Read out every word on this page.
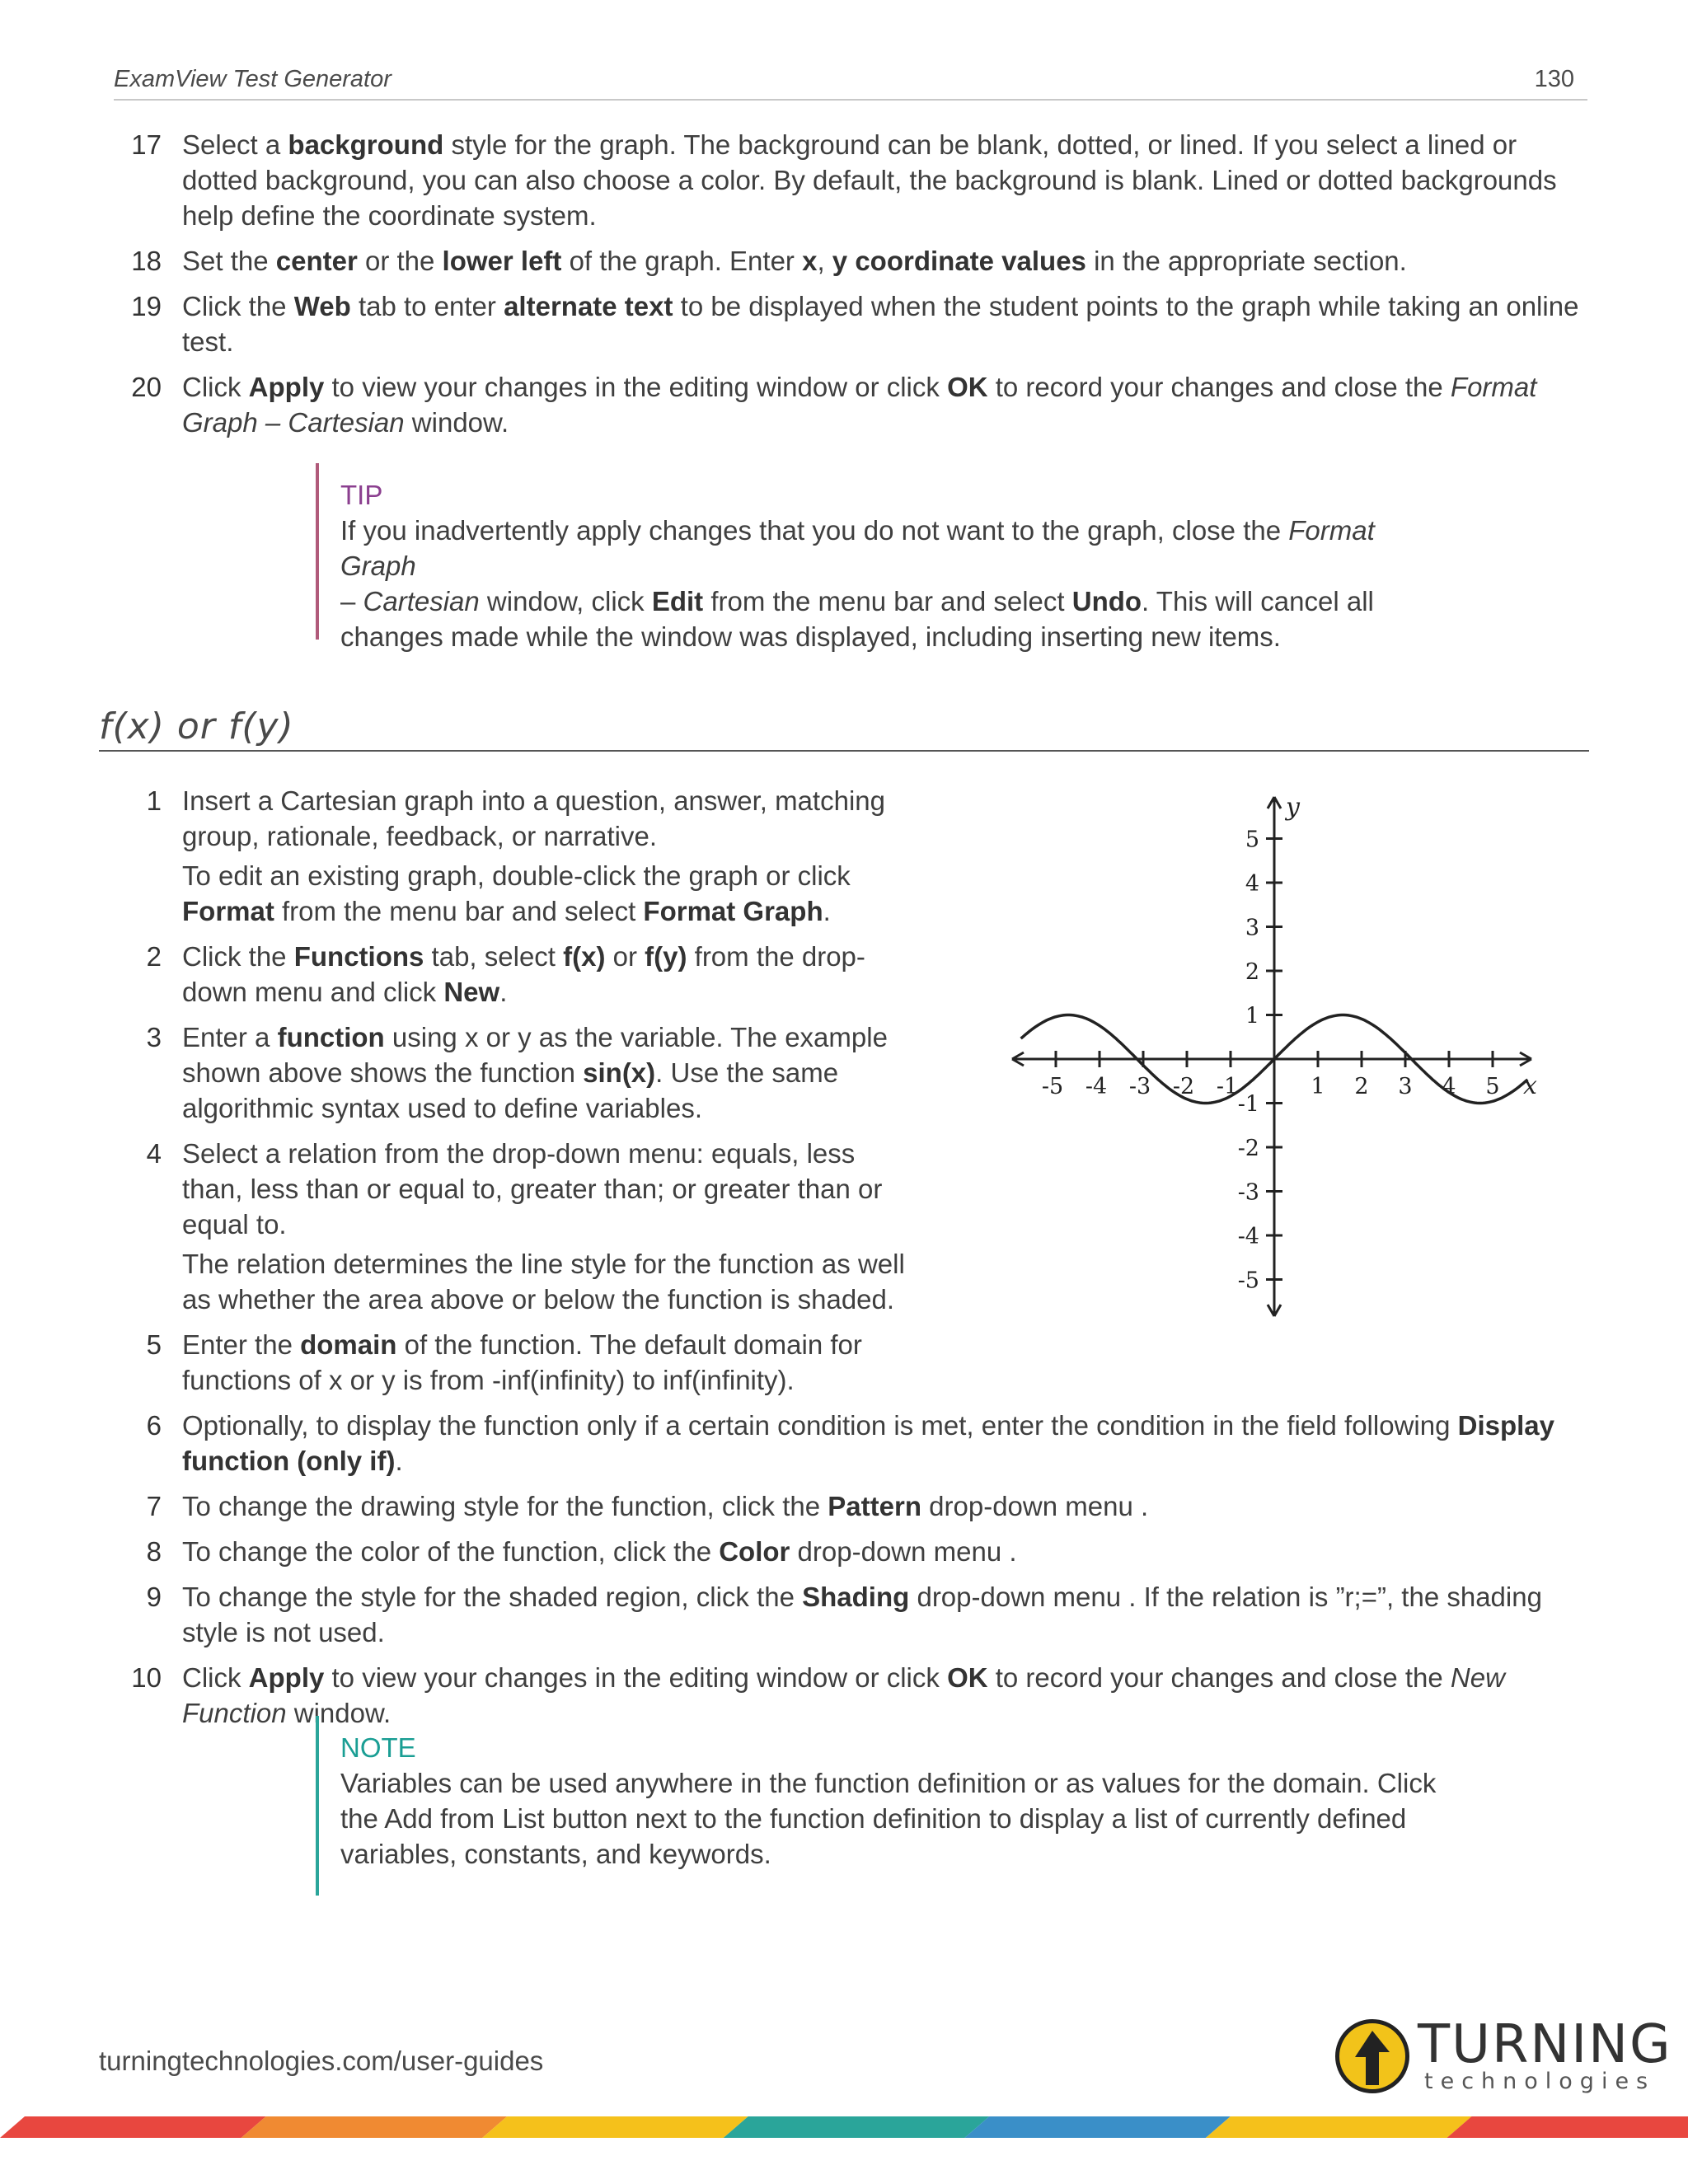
ExamView Test Generator	130
17 Select a background style for the graph. The background can be blank, dotted, or lined. If you select a lined or dotted background, you can also choose a color. By default, the background is blank. Lined or dotted backgrounds help define the coordinate system.
18 Set the center or the lower left of the graph. Enter x, y coordinate values in the appropriate section.
19 Click the Web tab to enter alternate text to be displayed when the student points to the graph while taking an online test.
20 Click Apply to view your changes in the editing window or click OK to record your changes and close the Format Graph – Cartesian window.
TIP
If you inadvertently apply changes that you do not want to the graph, close the Format Graph
– Cartesian window, click Edit from the menu bar and select Undo. This will cancel all
changes made while the window was displayed, including inserting new items.
f(x) or f(y)
1 Insert a Cartesian graph into a question, answer, matching group, rationale, feedback, or narrative.
To edit an existing graph, double-click the graph or click Format from the menu bar and select Format Graph.
2 Click the Functions tab, select f(x) or f(y) from the drop-down menu and click New.
3 Enter a function using x or y as the variable. The example shown above shows the function sin(x). Use the same algorithmic syntax used to define variables.
4 Select a relation from the drop-down menu: equals, less than, less than or equal to, greater than; or greater than or equal to.
The relation determines the line style for the function as well as whether the area above or below the function is shaded.
5 Enter the domain of the function. The default domain for functions of x or y is from -inf(infinity) to inf(infinity).
6 Optionally, to display the function only if a certain condition is met, enter the condition in the field following Display function (only if).
7 To change the drawing style for the function, click the Pattern drop-down menu .
8 To change the color of the function, click the Color drop-down menu .
9 To change the style for the shaded region, click the Shading drop-down menu . If the relation is ”r;=”, the shading style is not used.
10 Click Apply to view your changes in the editing window or click OK to record your changes and close the New Function window.
-5 -4 -3 -2 -1	1 2 3 4 5
5
4
3
2
1
-1
-2
-3
-4
-5
x
y
NOTE
Variables can be used anywhere in the function definition or as values for the domain. Click
the Add from List button next to the function definition to display a list of currently defined
variables, constants, and keywords.
turningtechnologies.com/user-guides	TURNING
technologies
